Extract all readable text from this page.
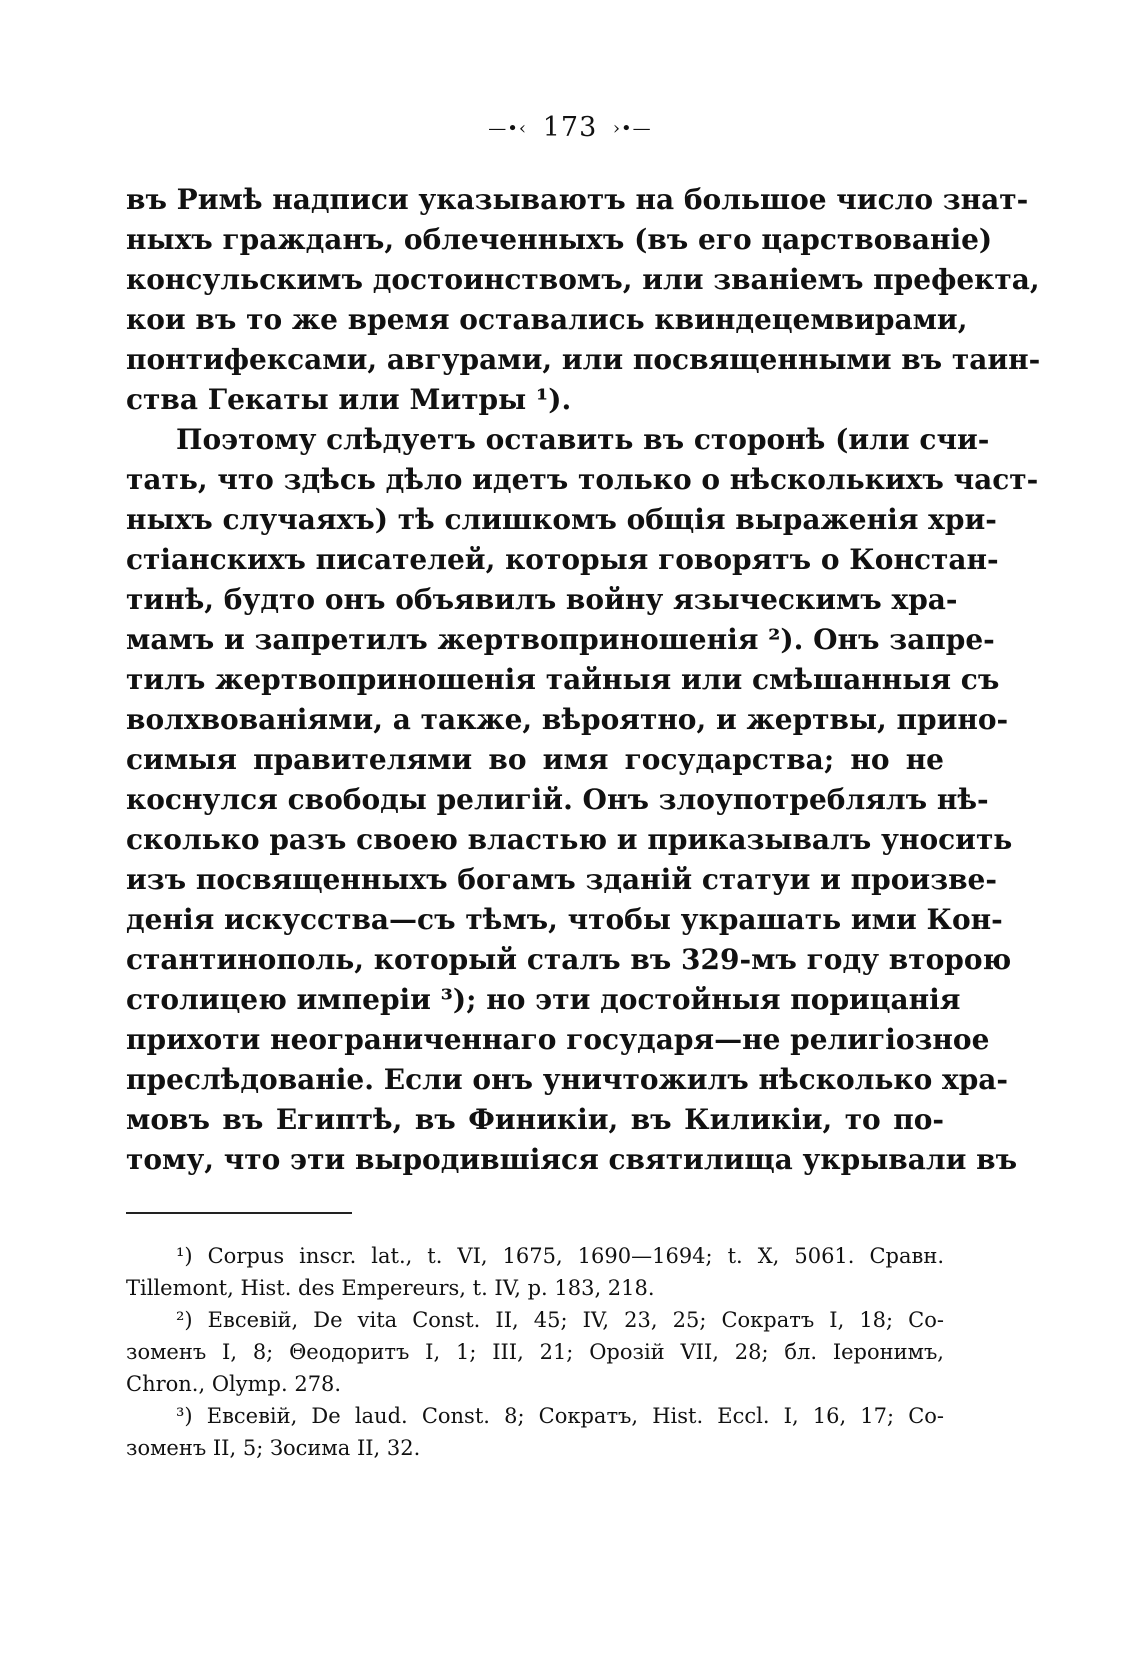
—•‹ 173 ›•—
въ Римѣ надписи указываютъ на большое число знат-
ныхъ гражданъ, облеченныхъ (въ его царствованіе)
консульскимъ достоинствомъ, или званіемъ префекта,
кои въ то же время оставались квиндецемвирами,
понтифексами, авгурами, или посвященными въ таин-
ства Гекаты или Митры ¹).
Поэтому слѣдуетъ оставить въ сторонѣ (или счи-
тать, что здѣсь дѣло идетъ только о нѣсколькихъ част-
ныхъ случаяхъ) тѣ слишкомъ общія выраженія хри-
стіанскихъ писателей, которыя говорятъ о Констан-
тинѣ, будто онъ объявилъ войну языческимъ хра-
мамъ и запретилъ жертвоприношенія ²). Онъ запре-
тилъ жертвоприношенія тайныя или смѣшанныя съ
волхвованіями, а также, вѣроятно, и жертвы, прино-
симыя правителями во имя государства; но не
коснулся свободы религій. Онъ злоупотреблялъ нѣ-
сколько разъ своею властью и приказывалъ уносить
изъ посвященныхъ богамъ зданій статуи и произве-
денія искусства—съ тѣмъ, чтобы украшать ими Кон-
стантинополь, который сталъ въ 329-мъ году второю
столицею имперіи ³); но эти достойныя порицанія
прихоти неограниченнаго государя—не религіозное
преслѣдованіе. Если онъ уничтожилъ нѣсколько хра-
мовъ въ Египтѣ, въ Финикіи, въ Киликіи, то по-
тому, что эти выродившіяся святилища укрывали въ
¹) Corpus inscr. lat., t. VI, 1675, 1690—1694; t. X, 5061. Сравн.
Tillemont, Hist. des Empereurs, t. IV, p. 183, 218.
²) Евсевій, De vita Const. II, 45; IV, 23, 25; Сократъ I, 18; Со-
зоменъ I, 8; Θеодоритъ I, 1; III, 21; Орозій VII, 28; бл. Іеронимъ,
Chron., Olymp. 278.
³) Евсевій, De laud. Const. 8; Сократъ, Hist. Eccl. I, 16, 17; Со-
зоменъ II, 5; Зосима II, 32.
